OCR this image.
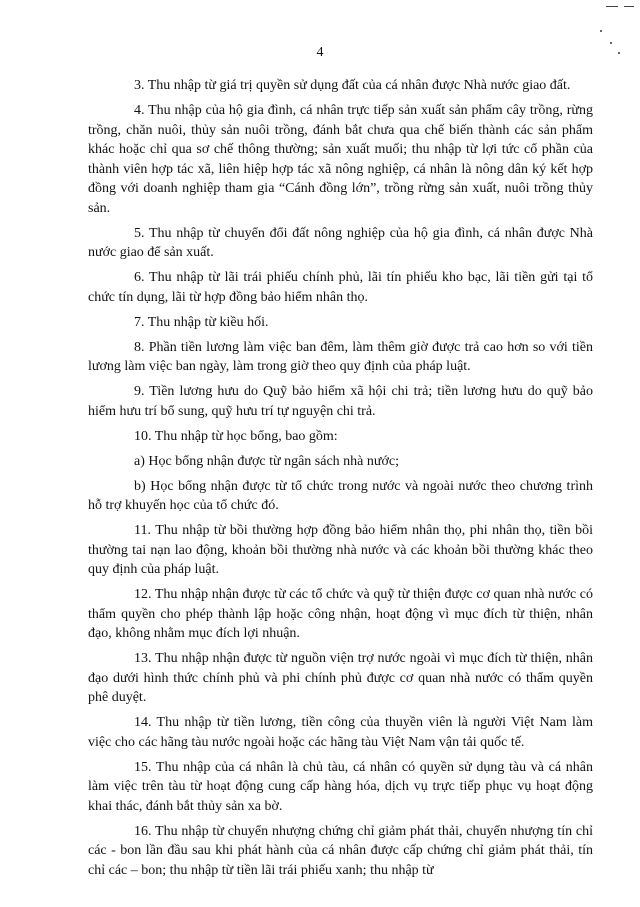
4

3. Thu nhập từ giá trị quyền sử dụng đất của cá nhân được Nhà nước giao đất.

4. Thu nhập của hộ gia đình, cá nhân trực tiếp sản xuất sản phẩm cây trồng, rừng trồng, chăn nuôi, thủy sản nuôi trồng, đánh bắt chưa qua chế biến thành các sản phẩm khác hoặc chỉ qua sơ chế thông thường; sản xuất muối; thu nhập từ lợi tức cổ phần của thành viên hợp tác xã, liên hiệp hợp tác xã nông nghiệp, cá nhân là nông dân ký kết hợp đồng với doanh nghiệp tham gia “Cánh đồng lớn”, trồng rừng sản xuất, nuôi trồng thủy sản.

5. Thu nhập từ chuyển đổi đất nông nghiệp của hộ gia đình, cá nhân được Nhà nước giao để sản xuất.

6. Thu nhập từ lãi trái phiếu chính phủ, lãi tín phiếu kho bạc, lãi tiền gửi tại tổ chức tín dụng, lãi từ hợp đồng bảo hiểm nhân thọ.

7. Thu nhập từ kiều hối.

8. Phần tiền lương làm việc ban đêm, làm thêm giờ được trả cao hơn so với tiền lương làm việc ban ngày, làm trong giờ theo quy định của pháp luật.

9. Tiền lương hưu do Quỹ bảo hiểm xã hội chi trả; tiền lương hưu do quỹ bảo hiểm hưu trí bổ sung, quỹ hưu trí tự nguyện chi trả.

10. Thu nhập từ học bổng, bao gồm:

a) Học bổng nhận được từ ngân sách nhà nước;

b) Học bổng nhận được từ tổ chức trong nước và ngoài nước theo chương trình hỗ trợ khuyến học của tổ chức đó.

11. Thu nhập từ bồi thường hợp đồng bảo hiểm nhân thọ, phi nhân thọ, tiền bồi thường tai nạn lao động, khoản bồi thường nhà nước và các khoản bồi thường khác theo quy định của pháp luật.

12. Thu nhập nhận được từ các tổ chức và quỹ từ thiện được cơ quan nhà nước có thẩm quyền cho phép thành lập hoặc công nhận, hoạt động vì mục đích từ thiện, nhân đạo, không nhằm mục đích lợi nhuận.

13. Thu nhập nhận được từ nguồn viện trợ nước ngoài vì mục đích từ thiện, nhân đạo dưới hình thức chính phủ và phi chính phủ được cơ quan nhà nước có thẩm quyền phê duyệt.

14. Thu nhập từ tiền lương, tiền công của thuyền viên là người Việt Nam làm việc cho các hãng tàu nước ngoài hoặc các hãng tàu Việt Nam vận tải quốc tế.

15. Thu nhập của cá nhân là chủ tàu, cá nhân có quyền sử dụng tàu và cá nhân làm việc trên tàu từ hoạt động cung cấp hàng hóa, dịch vụ trực tiếp phục vụ hoạt động khai thác, đánh bắt thủy sản xa bờ.

16. Thu nhập từ chuyển nhượng chứng chỉ giảm phát thải, chuyển nhượng tín chỉ các - bon lần đầu sau khi phát hành của cá nhân được cấp chứng chỉ giảm phát thải, tín chỉ các – bon; thu nhập từ tiền lãi trái phiếu xanh; thu nhập từ
